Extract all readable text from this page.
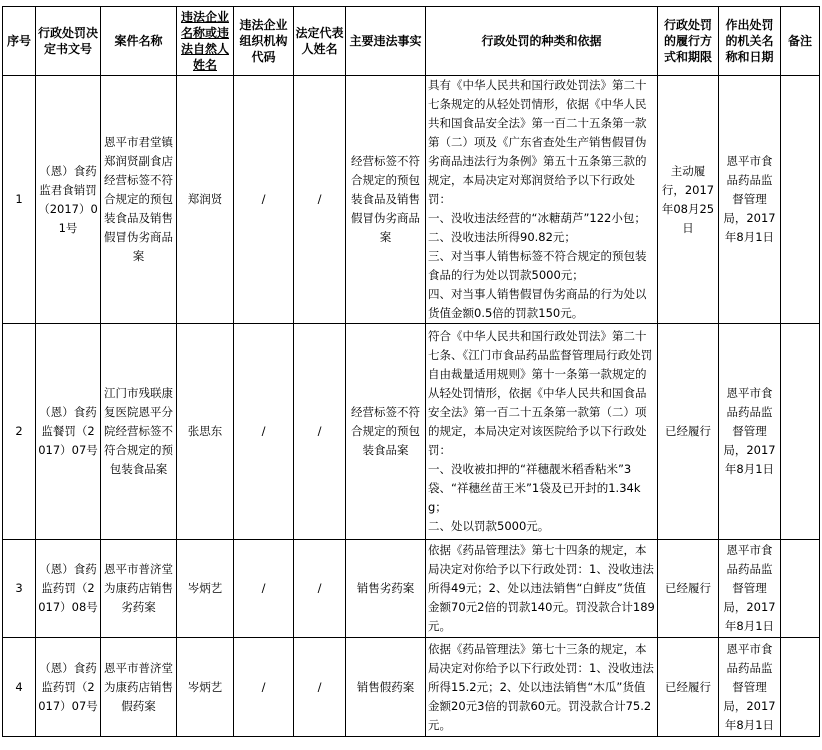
序号	行政处罚决定书文号	案件名称	违法企业名称或违法自然人姓名	违法企业组织机构代码	法定代表人姓名	主要违法事实	行政处罚的种类和依据	行政处罚的履行方式和期限	作出处罚的机关名称和日期	备注
1	（恩）食药监君食销罚（2017）01号	恩平市君堂镇郑润贤副食店经营标签不符合规定的预包装食品及销售假冒伪劣商品案	郑润贤	/	/	经营标签不符合规定的预包装食品及销售假冒伪劣商品案	具有《中华人民共和国行政处罚法》第二十七条规定的从轻处罚情形，依据《中华人民共和国食品安全法》第一百二十五条第一款第（二）项及《广东省查处生产销售假冒伪劣商品违法行为条例》第五十五条第三款的规定，本局决定对郑润贤给予以下行政处罚：
一、没收违法经营的“冰糖葫芦”122小包；
二、没收违法所得90.82元；
三、对当事人销售标签不符合规定的预包装食品的行为处以罚款5000元；
四、对当事人销售假冒伪劣商品的行为处以货值金额0.5倍的罚款150元。	主动履行，2017年08月25日	恩平市食品药品监督管理局，2017年8月1日	
2	（恩）食药监餐罚（2017）07号	江门市残联康复医院恩平分院经营标签不符合规定的预包装食品案	张思东	/	/	经营标签不符合规定的预包装食品案	符合《中华人民共和国行政处罚法》第二十七条、《江门市食品药品监督管理局行政处罚自由裁量适用规则》第十一条第一款规定的从轻处罚情形，依据《中华人民共和国食品安全法》第一百二十五条第一款第（二）项的规定，本局决定对该医院给予以下行政处罚：
一、没收被扣押的“祥穗靓米稻香粘米”3袋、“祥穗丝苗王米”1袋及已开封的1.34kg；
二、处以罚款5000元。	已经履行	恩平市食品药品监督管理局，2017年8月1日	
3	（恩）食药监药罚（2017）08号	恩平市普济堂为康药店销售劣药案	岑炳艺	/	/	销售劣药案	依据《药品管理法》第七十四条的规定，本局决定对你给予以下行政处罚：1、没收违法所得49元；2、处以违法销售“白鲜皮”货值金额70元2倍的罚款140元。罚没款合计189元。	已经履行	恩平市食品药品监督管理局，2017年8月1日	
4	（恩）食药监药罚（2017）07号	恩平市普济堂为康药店销售假药案	岑炳艺	/	/	销售假药案	依据《药品管理法》第七十三条的规定，本局决定对你给予以下行政处罚：1、没收违法所得15.2元；2、处以违法销售“木瓜”货值金额20元3倍的罚款60元。罚没款合计75.2元。	已经履行	恩平市食品药品监督管理局，2017年8月1日	
